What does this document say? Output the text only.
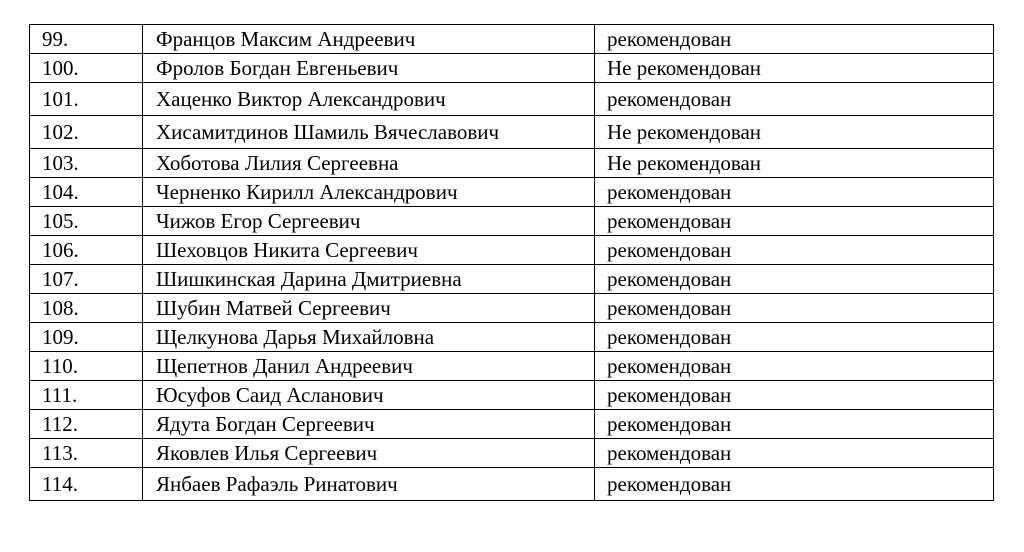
99.	Францов Максим Андреевич	рекомендован
100.	Фролов Богдан Евгеньевич	Не рекомендован
101.	Хаценко Виктор Александрович	рекомендован
102.	Хисамитдинов Шамиль Вячеславович	Не рекомендован
103.	Хоботова Лилия Сергеевна	Не рекомендован
104.	Черненко Кирилл Александрович	рекомендован
105.	Чижов Егор Сергеевич	рекомендован
106.	Шеховцов Никита Сергеевич	рекомендован
107.	Шишкинская Дарина Дмитриевна	рекомендован
108.	Шубин Матвей Сергеевич	рекомендован
109.	Щелкунова Дарья Михайловна	рекомендован
110.	Щепетнов Данил Андреевич	рекомендован
111.	Юсуфов Саид Асланович	рекомендован
112.	Ядута Богдан Сергеевич	рекомендован
113.	Яковлев Илья Сергеевич	рекомендован
114.	Янбаев Рафаэль Ринатович	рекомендован
